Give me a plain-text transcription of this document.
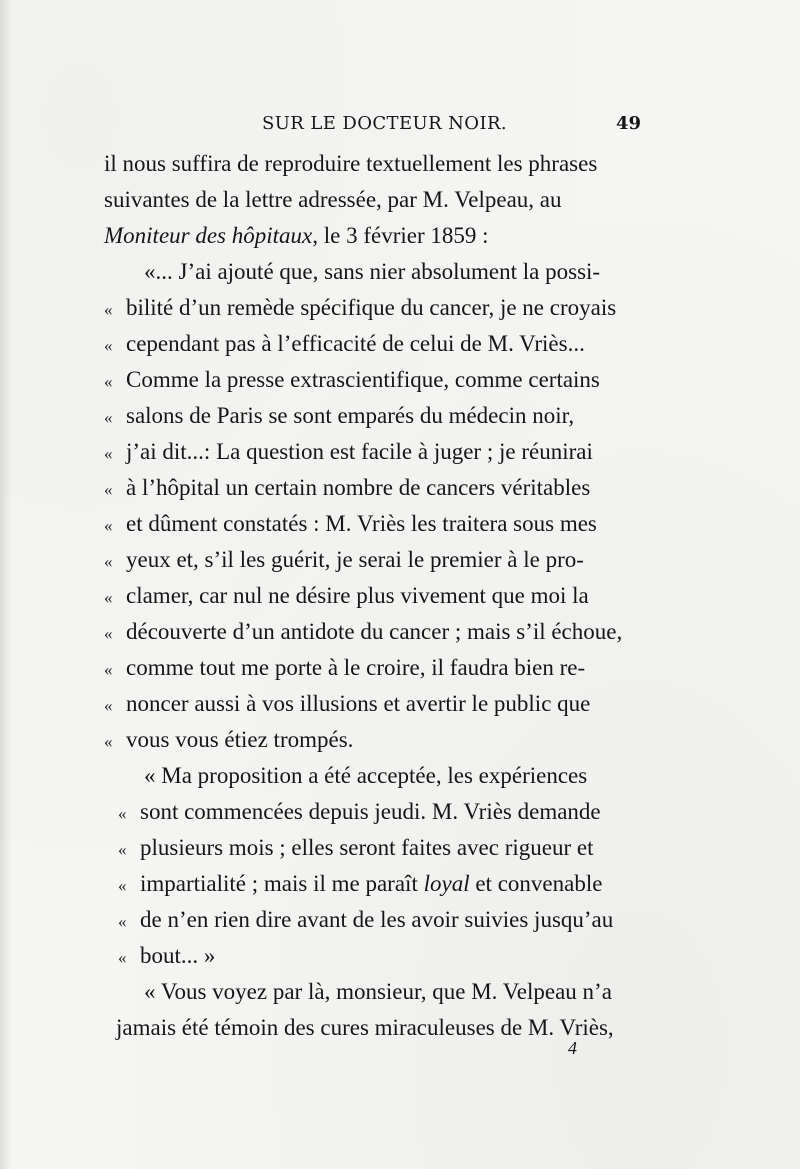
SUR LE DOCTEUR NOIR.	49
il nous suffira de reproduire textuellement les phrases
suivantes de la lettre adressée, par M. Velpeau, au
Moniteur des hôpitaux, le 3 février 1859 :
«... J’ai ajouté que, sans nier absolument la possi-
« bilité d’un remède spécifique du cancer, je ne croyais
« cependant pas à l’efficacité de celui de M. Vriès...
« Comme la presse extrascientifique, comme certains
« salons de Paris se sont emparés du médecin noir,
« j’ai dit...: La question est facile à juger ; je réunirai
« à l’hôpital un certain nombre de cancers véritables
« et dûment constatés : M. Vriès les traitera sous mes
« yeux et, s’il les guérit, je serai le premier à le pro-
« clamer, car nul ne désire plus vivement que moi la
« découverte d’un antidote du cancer ; mais s’il échoue,
« comme tout me porte à le croire, il faudra bien re-
« noncer aussi à vos illusions et avertir le public que
« vous vous étiez trompés.
« Ma proposition a été acceptée, les expériences
« sont commencées depuis jeudi. M. Vriès demande
« plusieurs mois ; elles seront faites avec rigueur et
« impartialité ; mais il me paraît loyal et convenable
« de n’en rien dire avant de les avoir suivies jusqu’au
« bout... »
« Vous voyez par là, monsieur, que M. Velpeau n’a
jamais été témoin des cures miraculeuses de M. Vriès,
4
